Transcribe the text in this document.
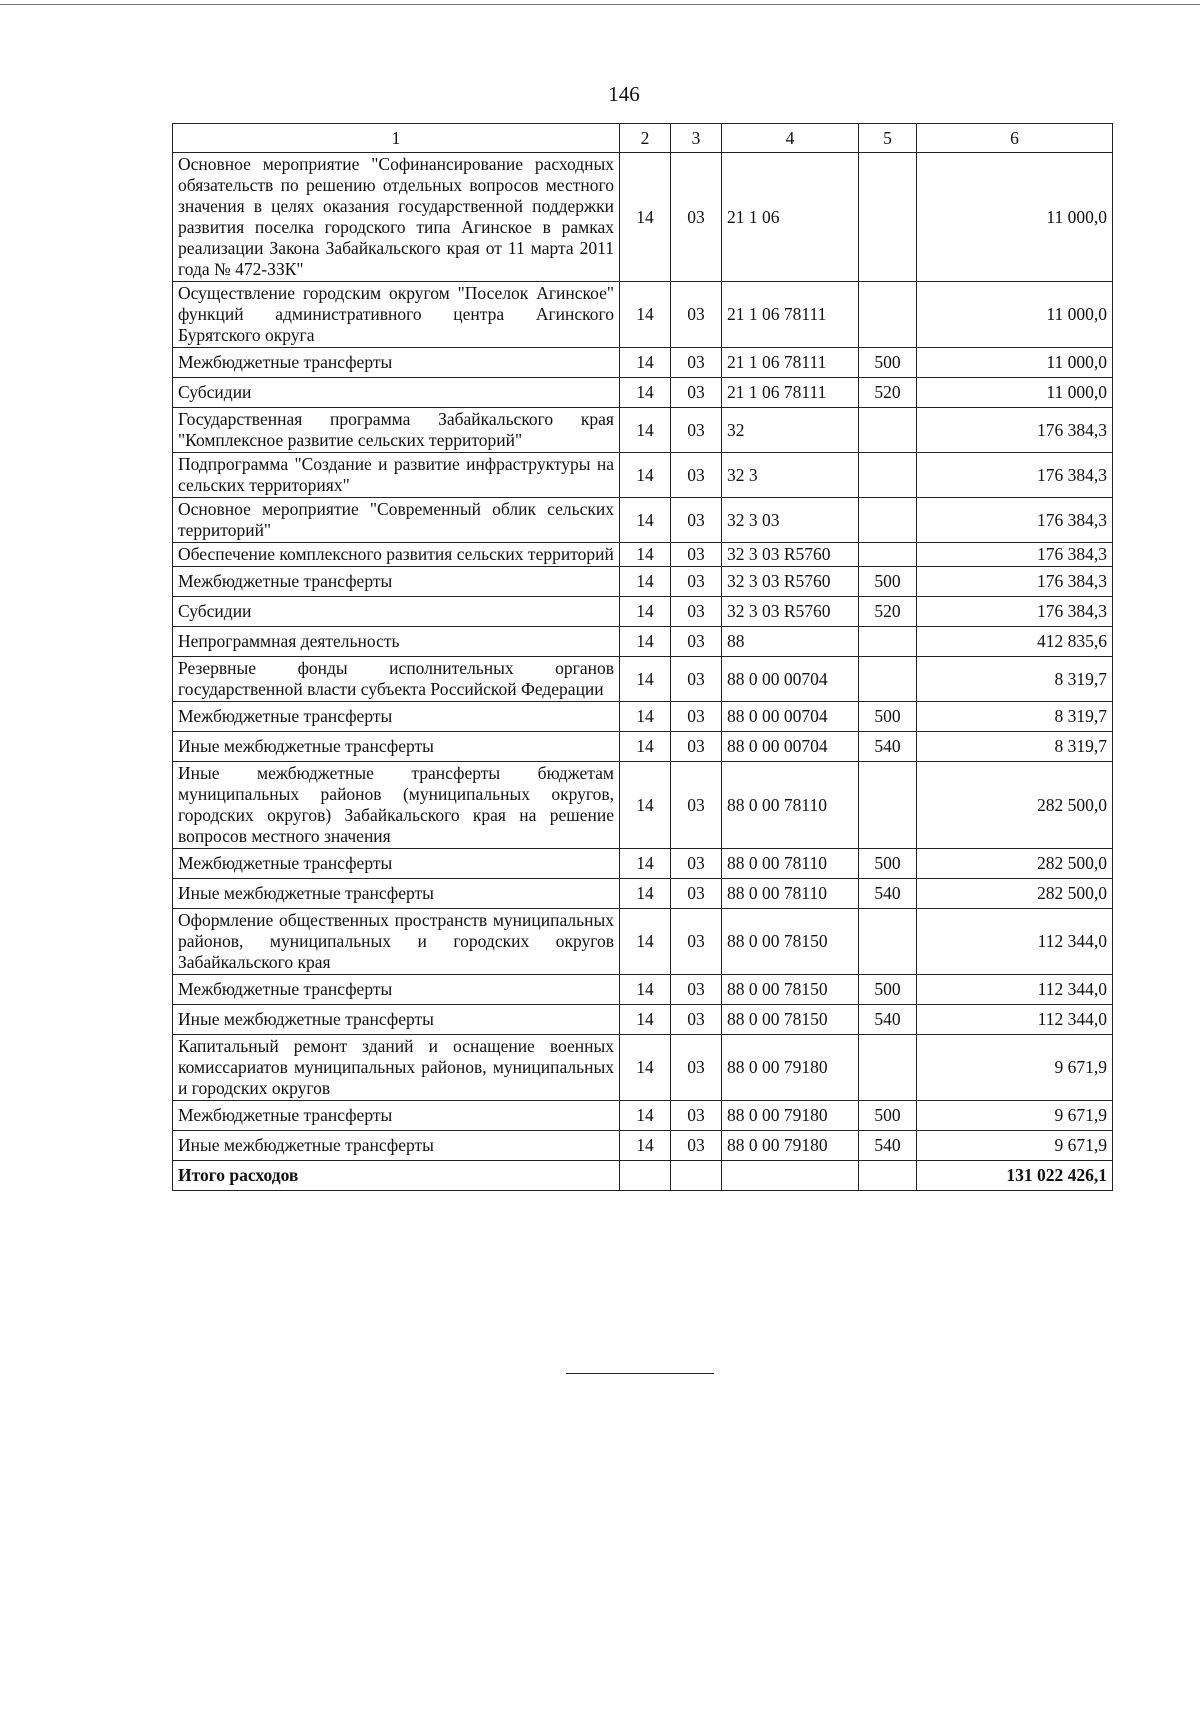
146
1	2	3	4	5	6
Основное мероприятие "Софинансирование расходных обязательств по решению отдельных вопросов местного значения в целях оказания государственной поддержки развития поселка городского типа Агинское в рамках реализации Закона Забайкальского края от 11 марта 2011 года № 472-ЗЗК"	14	03	21 1 06		11 000,0
Осуществление городским округом "Поселок Агинское" функций административного центра Агинского Бурятского округа	14	03	21 1 06 78111		11 000,0
Межбюджетные трансферты	14	03	21 1 06 78111	500	11 000,0
Субсидии	14	03	21 1 06 78111	520	11 000,0
Государственная программа Забайкальского края "Комплексное развитие сельских территорий"	14	03	32		176 384,3
Подпрограмма "Создание и развитие инфраструктуры на сельских территориях"	14	03	32 3		176 384,3
Основное мероприятие "Современный облик сельских территорий"	14	03	32 3 03		176 384,3
Обеспечение комплексного развития сельских территорий	14	03	32 3 03 R5760		176 384,3
Межбюджетные трансферты	14	03	32 3 03 R5760	500	176 384,3
Субсидии	14	03	32 3 03 R5760	520	176 384,3
Непрограммная деятельность	14	03	88		412 835,6
Резервные фонды исполнительных органов государственной власти субъекта Российской Федерации	14	03	88 0 00 00704		8 319,7
Межбюджетные трансферты	14	03	88 0 00 00704	500	8 319,7
Иные межбюджетные трансферты	14	03	88 0 00 00704	540	8 319,7
Иные межбюджетные трансферты бюджетам муниципальных районов (муниципальных округов, городских округов) Забайкальского края на решение вопросов местного значения	14	03	88 0 00 78110		282 500,0
Межбюджетные трансферты	14	03	88 0 00 78110	500	282 500,0
Иные межбюджетные трансферты	14	03	88 0 00 78110	540	282 500,0
Оформление общественных пространств муниципальных районов, муниципальных и городских округов Забайкальского края	14	03	88 0 00 78150		112 344,0
Межбюджетные трансферты	14	03	88 0 00 78150	500	112 344,0
Иные межбюджетные трансферты	14	03	88 0 00 78150	540	112 344,0
Капитальный ремонт зданий и оснащение военных комиссариатов муниципальных районов, муниципальных и городских округов	14	03	88 0 00 79180		9 671,9
Межбюджетные трансферты	14	03	88 0 00 79180	500	9 671,9
Иные межбюджетные трансферты	14	03	88 0 00 79180	540	9 671,9
Итого расходов					131 022 426,1
